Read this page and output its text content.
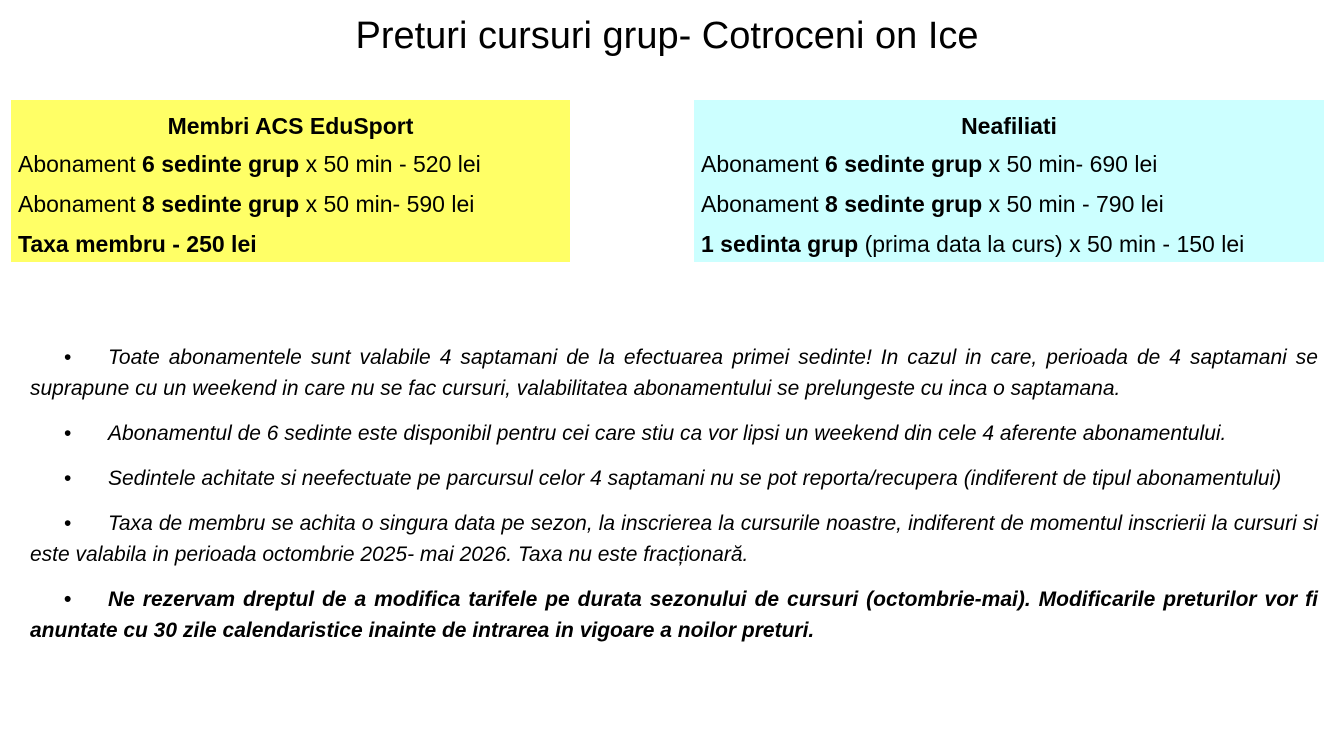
Preturi cursuri grup- Cotroceni on Ice
Membri ACS EduSport
Abonament 6 sedinte grup x 50 min - 520 lei
Abonament 8 sedinte grup x 50 min- 590 lei
Taxa membru - 250 lei
Neafiliati
Abonament 6 sedinte grup x 50 min- 690 lei
Abonament 8 sedinte grup x 50 min - 790 lei
1 sedinta grup (prima data la curs) x 50 min - 150 lei

• Toate abonamentele sunt valabile 4 saptamani de la efectuarea primei sedinte! In cazul in care, perioada de 4 saptamani se suprapune cu un weekend in care nu se fac cursuri, valabilitatea abonamentului se prelungeste cu inca o saptamana.

• Abonamentul de 6 sedinte este disponibil pentru cei care stiu ca vor lipsi un weekend din cele 4 aferente abonamentului.

• Sedintele achitate si neefectuate pe parcursul celor 4 saptamani nu se pot reporta/recupera (indiferent de tipul abonamentului)

• Taxa de membru se achita o singura data pe sezon, la inscrierea la cursurile noastre, indiferent de momentul inscrierii la cursuri si este valabila in perioada octombrie 2025- mai 2026. Taxa nu este fracționară.

• Ne rezervam dreptul de a modifica tarifele pe durata sezonului de cursuri (octombrie-mai). Modificarile preturilor vor fi anuntate cu 30 zile calendaristice inainte de intrarea in vigoare a noilor preturi.
